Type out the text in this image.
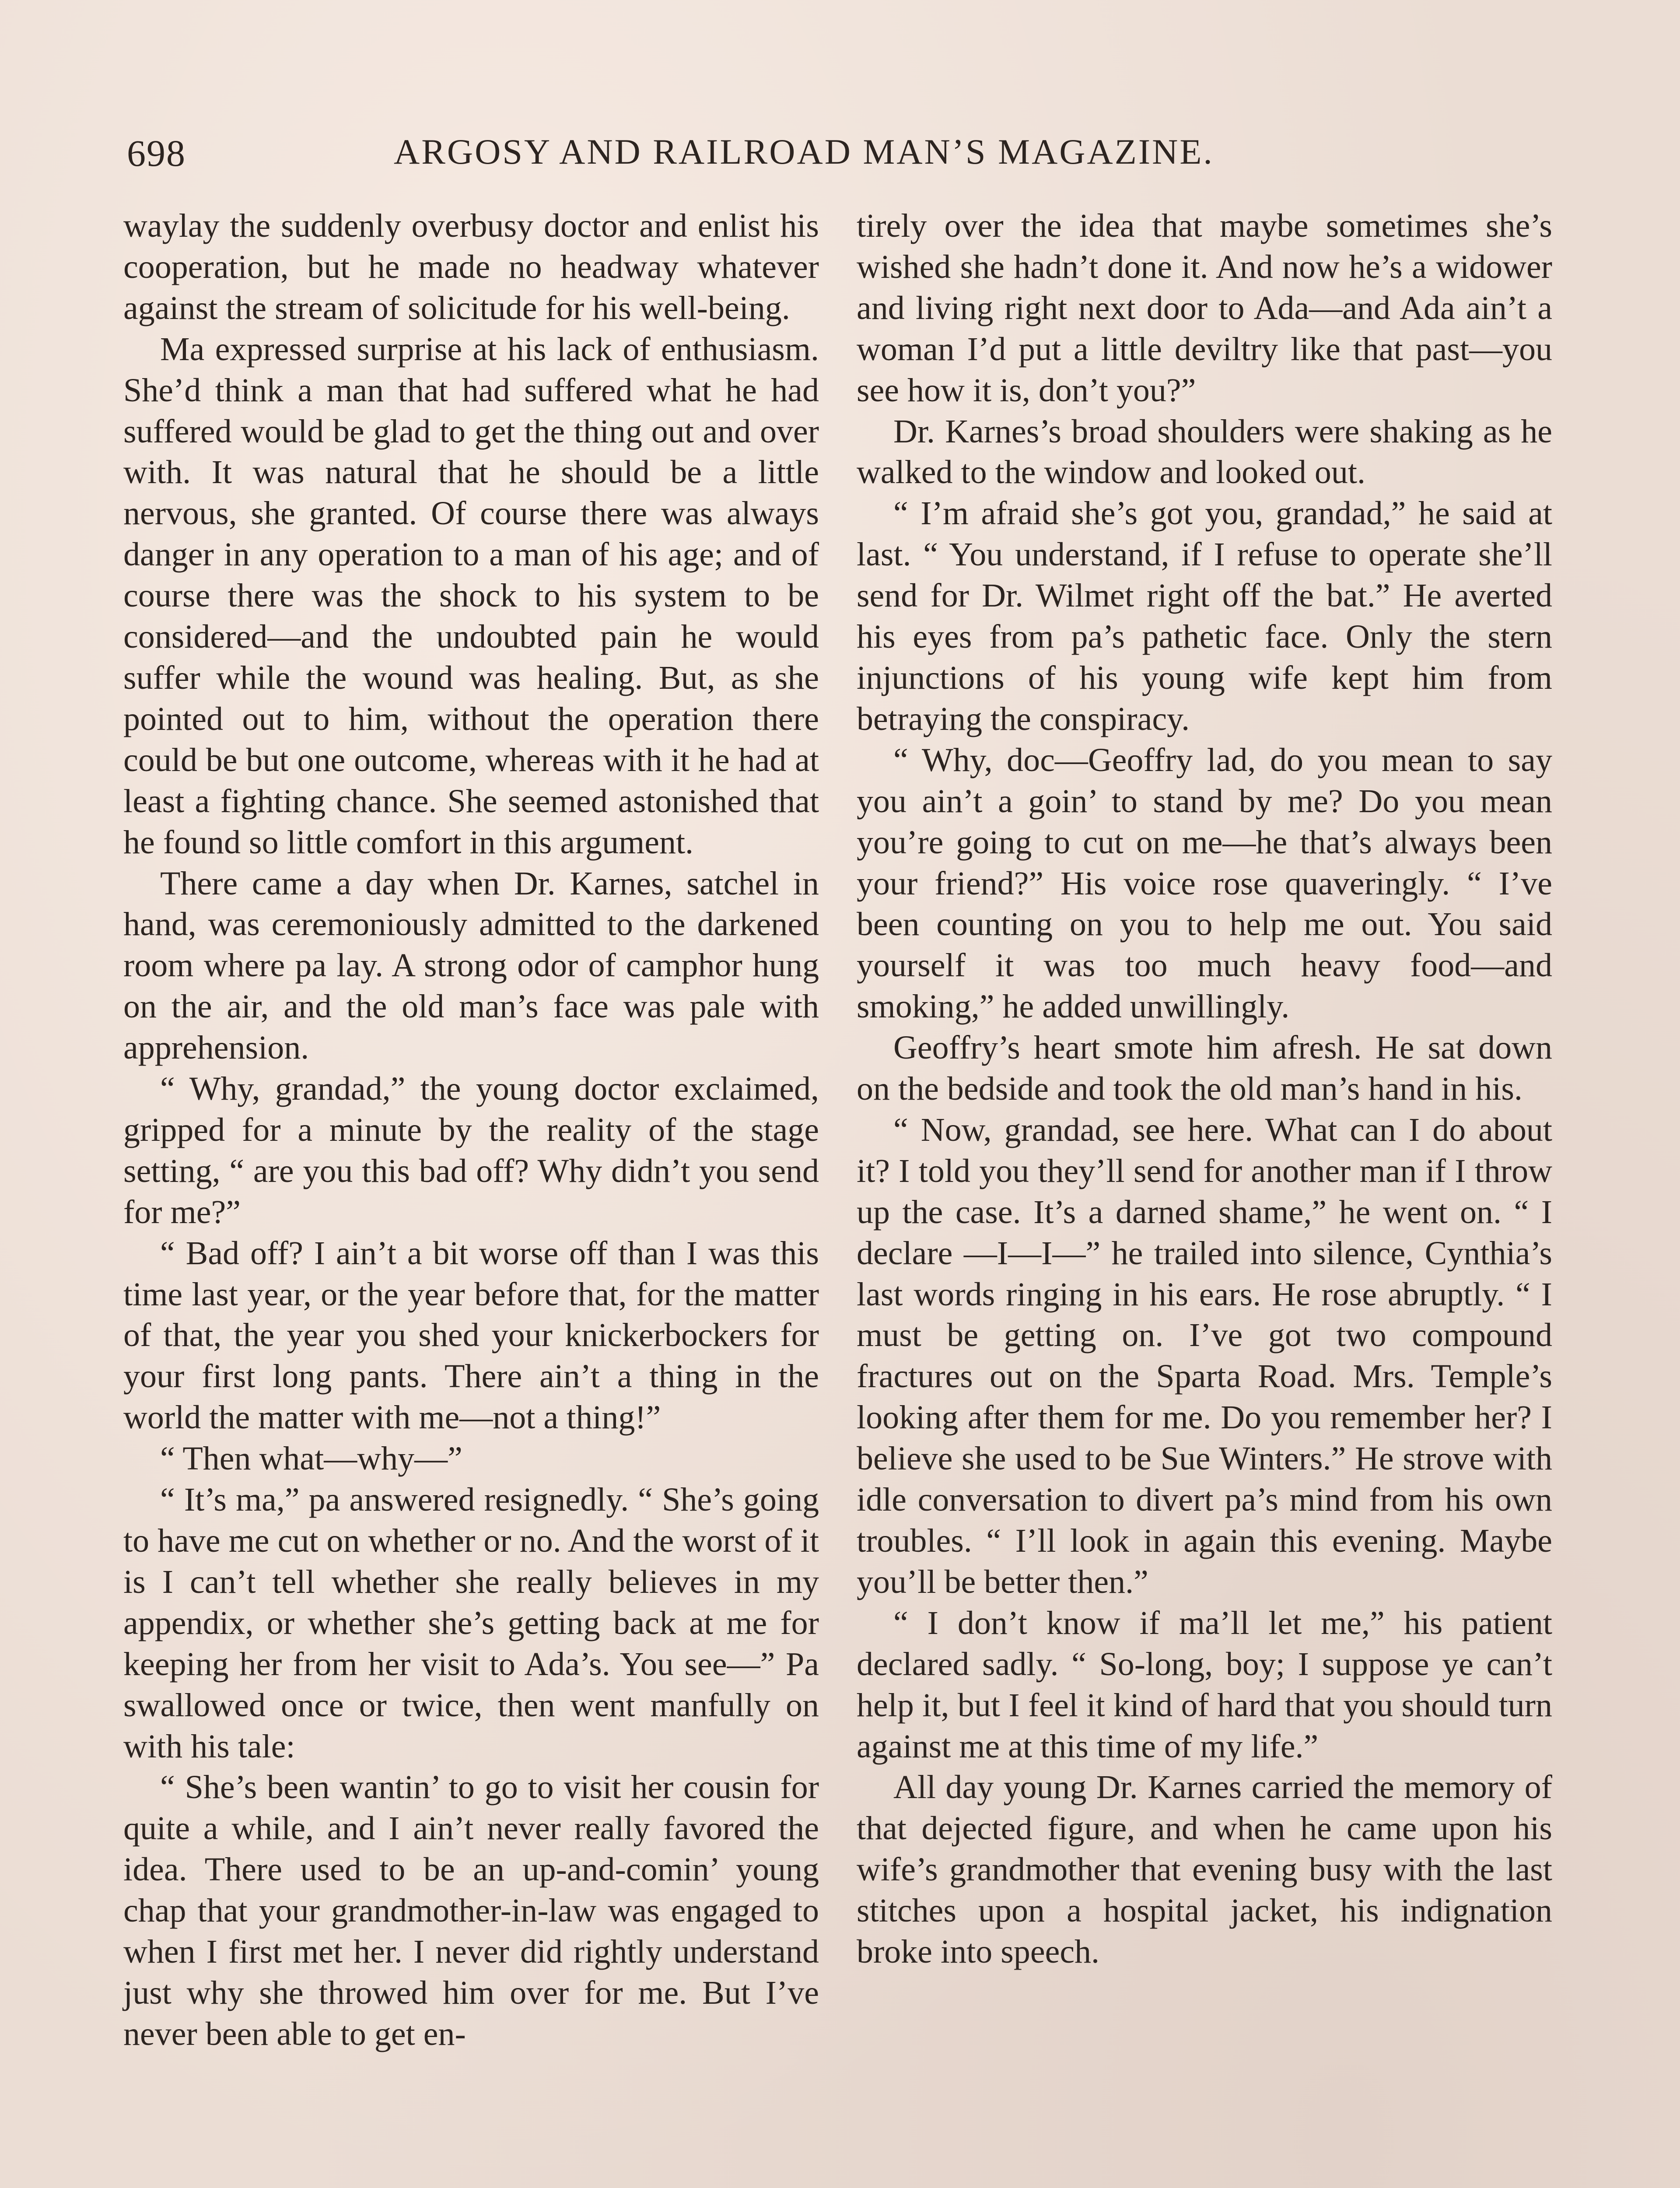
698	ARGOSY AND RAILROAD MAN’S MAGAZINE.

waylay the suddenly overbusy doctor and enlist his cooperation, but he made no headway whatever against the stream of solicitude for his well-being.

Ma expressed surprise at his lack of enthusiasm. She’d think a man that had suffered what he had suffered would be glad to get the thing out and over with. It was natural that he should be a little nervous, she granted. Of course there was always danger in any operation to a man of his age; and of course there was the shock to his system to be considered—and the undoubted pain he would suffer while the wound was healing. But, as she pointed out to him, without the operation there could be but one outcome, whereas with it he had at least a fighting chance. She seemed astonished that he found so little comfort in this argument.

There came a day when Dr. Karnes, satchel in hand, was ceremoniously admitted to the darkened room where pa lay. A strong odor of camphor hung on the air, and the old man’s face was pale with apprehension.

“ Why, grandad,” the young doctor exclaimed, gripped for a minute by the reality of the stage setting, “ are you this bad off? Why didn’t you send for me?”

“ Bad off? I ain’t a bit worse off than I was this time last year, or the year before that, for the matter of that, the year you shed your knickerbockers for your first long pants. There ain’t a thing in the world the matter with me—not a thing!”

“ Then what—why—”

“ It’s ma,” pa answered resignedly. “ She’s going to have me cut on whether or no. And the worst of it is I can’t tell whether she really believes in my appendix, or whether she’s getting back at me for keeping her from her visit to Ada’s. You see—” Pa swallowed once or twice, then went manfully on with his tale:

“ She’s been wantin’ to go to visit her cousin for quite a while, and I ain’t never really favored the idea. There used to be an up-and-comin’ young chap that your grandmother-in-law was engaged to when I first met her. I never did rightly understand just why she throwed him over for me. But I’ve never been able to get en-

tirely over the idea that maybe sometimes she’s wished she hadn’t done it. And now he’s a widower and living right next door to Ada—and Ada ain’t a woman I’d put a little deviltry like that past—you see how it is, don’t you?”

Dr. Karnes’s broad shoulders were shaking as he walked to the window and looked out.

“ I’m afraid she’s got you, grandad,” he said at last. “ You understand, if I refuse to operate she’ll send for Dr. Wilmet right off the bat.” He averted his eyes from pa’s pathetic face. Only the stern injunctions of his young wife kept him from betraying the conspiracy.

“ Why, doc—Geoffry lad, do you mean to say you ain’t a goin’ to stand by me? Do you mean you’re going to cut on me—he that’s always been your friend?” His voice rose quaveringly. “ I’ve been counting on you to help me out. You said yourself it was too much heavy food—and smoking,” he added unwillingly.

Geoffry’s heart smote him afresh. He sat down on the bedside and took the old man’s hand in his.

“ Now, grandad, see here. What can I do about it? I told you they’ll send for another man if I throw up the case. It’s a darned shame,” he went on. “ I declare —I—I—” he trailed into silence, Cynthia’s last words ringing in his ears. He rose abruptly. “ I must be getting on. I’ve got two compound fractures out on the Sparta Road. Mrs. Temple’s looking after them for me. Do you remember her? I believe she used to be Sue Winters.” He strove with idle conversation to divert pa’s mind from his own troubles. “ I’ll look in again this evening. Maybe you’ll be better then.”

“ I don’t know if ma’ll let me,” his patient declared sadly. “ So-long, boy; I suppose ye can’t help it, but I feel it kind of hard that you should turn against me at this time of my life.”

All day young Dr. Karnes carried the memory of that dejected figure, and when he came upon his wife’s grandmother that evening busy with the last stitches upon a hospital jacket, his indignation broke into speech.
